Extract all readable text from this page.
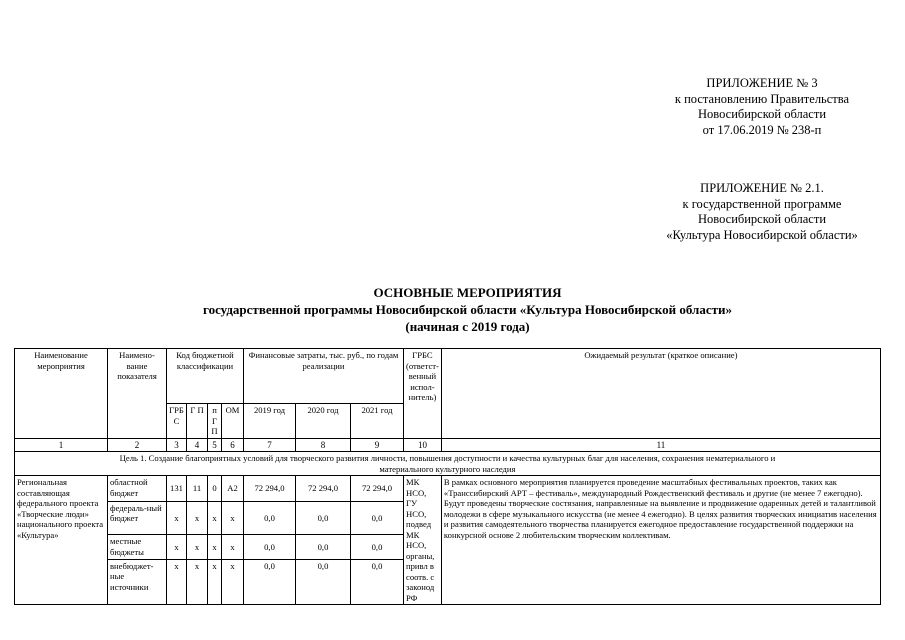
ПРИЛОЖЕНИЕ № 3
к постановлению Правительства
Новосибирской области
от 17.06.2019 № 238-п
ПРИЛОЖЕНИЕ № 2.1.
к государственной программе
Новосибирской области
«Культура Новосибирской области»
ОСНОВНЫЕ МЕРОПРИЯТИЯ
государственной программы Новосибирской области «Культура Новосибирской области»
(начиная с 2019 года)
Наименование мероприятия	Наимено-вание показателя	Код бюджетной классификации				Финансовые затраты, тыс. руб., по годам реализации			ГРБС (ответст-венный испол-нитель)	Ожидаемый результат (краткое описание)
		ГРБ С	Г П	п Г П	ОМ	2019 год	2020 год	2021 год		
1	2	3	4	5	6	7	8	9	10	11
Цель 1. Создание благоприятных условий для творческого развития личности, повышения доступности и качества культурных благ для населения, сохранения нематериального и материального культурного наследия										
Региональная составляющая федерального проекта «Творческие люди» национального проекта «Культура»	областной бюджет	131	11	0	А2	72 294,0	72 294,0	72 294,0	МК НСО, ГУ НСО, подвед МК НСО, органы, привл в соотв. с законод РФ	В рамках основного мероприятия планируется проведение масштабных фестивальных проектов, таких как «Транссибирский АРТ – фестиваль», международный Рождественский фестиваль и другие (не менее 7 ежегодно). Будут проведены творческие состязания, направленные на выявление и продвижение одаренных детей и талантливой молодежи в сфере музыкального искусства (не менее 4 ежегодно). В целях развития творческих инициатив населения и развития самодеятельного творчества планируется ежегодное предоставление государственной поддержки на конкурсной основе 2 любительским творческим коллективам.
	федераль-ный бюджет	х	х	х	х	0,0	0,0	0,0		
	местные бюджеты	х	х	х	х	0,0	0,0	0,0		
	внебюджет-ные источники	х	х	х	х	0,0	0,0	0,0		
